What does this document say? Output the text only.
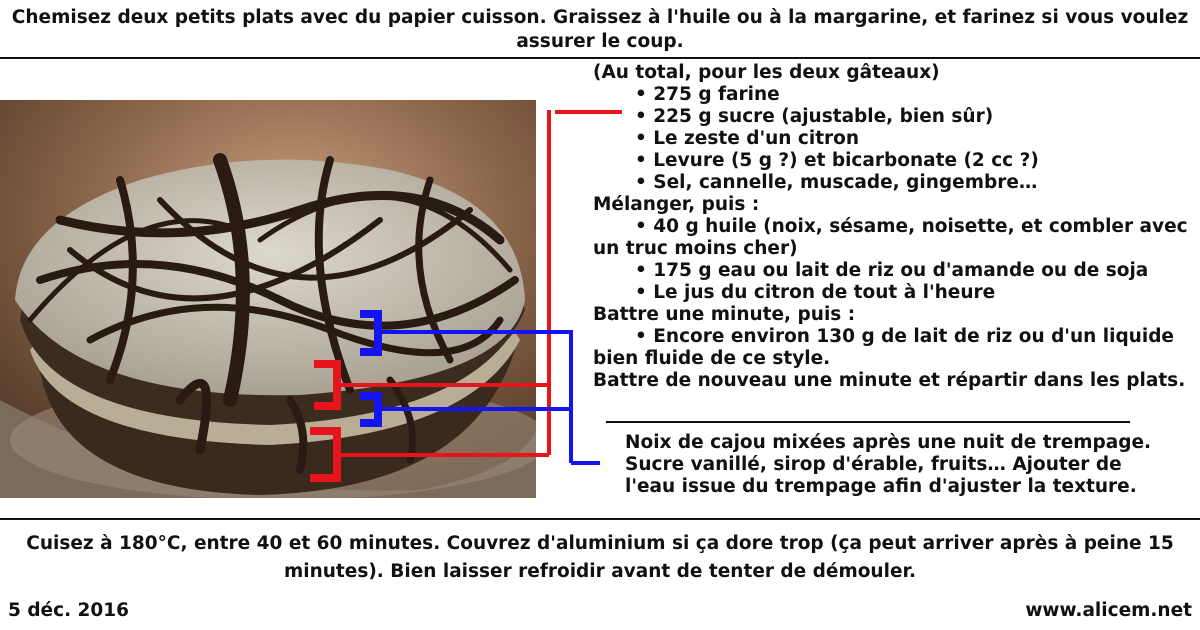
Chemisez deux petits plats avec du papier cuisson. Graissez à l'huile ou à la margarine, et farinez si vous voulez assurer le coup.
(Au total, pour les deux gâteaux)
• 275 g farine
• 225 g sucre (ajustable, bien sûr)
• Le zeste d'un citron
• Levure (5 g ?) et bicarbonate (2 cc ?)
• Sel, cannelle, muscade, gingembre…
Mélanger, puis :
• 40 g huile (noix, sésame, noisette, et combler avec un truc moins cher)
• 175 g eau ou lait de riz ou d'amande ou de soja
• Le jus du citron de tout à l'heure
Battre une minute, puis :
• Encore environ 130 g de lait de riz ou d'un liquide bien fluide de ce style.
Battre de nouveau une minute et répartir dans les plats.
Noix de cajou mixées après une nuit de trempage.
Sucre vanillé, sirop d'érable, fruits… Ajouter de
l'eau issue du trempage afin d'ajuster la texture.
Cuisez à 180°C, entre 40 et 60 minutes. Couvrez d'aluminium si ça dore trop (ça peut arriver après à peine 15 minutes). Bien laisser refroidir avant de tenter de démouler.
5 déc. 2016	www.alicem.net
